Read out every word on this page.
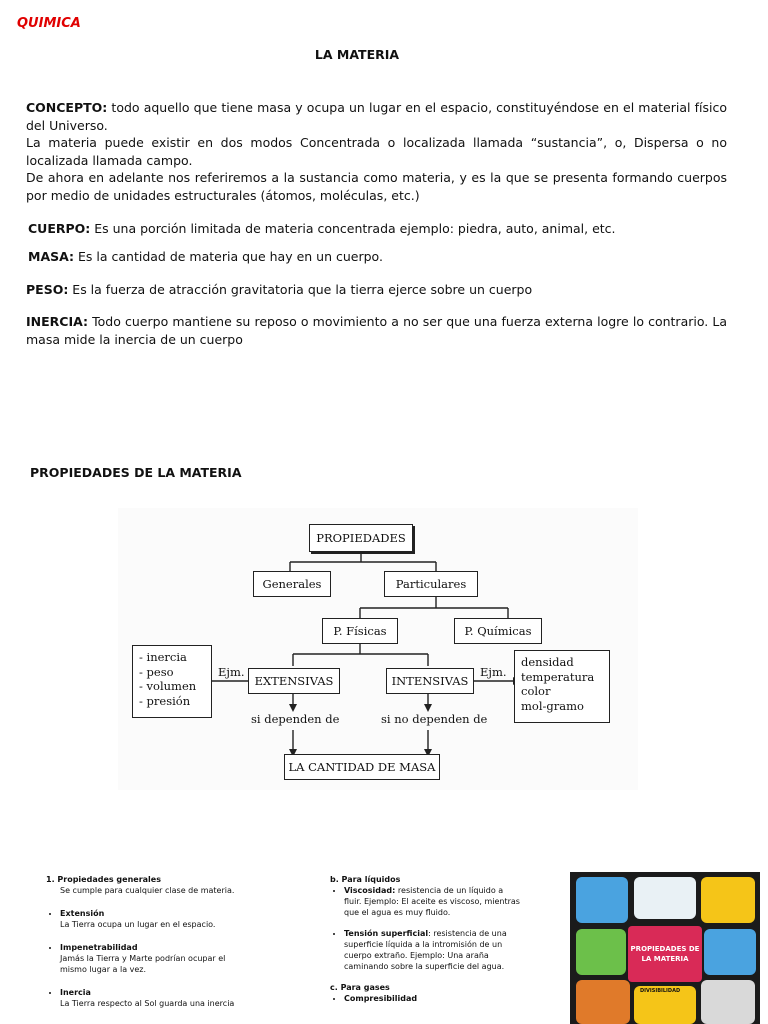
QUIMICA
LA MATERIA
CONCEPTO: todo aquello que tiene masa y ocupa un lugar en el espacio, constituyéndose en el material físico del Universo.
La materia puede existir en dos modos Concentrada o localizada llamada “sustancia”, o, Dispersa o no localizada llamada campo.
De ahora en adelante nos referiremos a la sustancia como materia, y es la que se presenta formando cuerpos por medio de unidades estructurales (átomos, moléculas, etc.)
CUERPO: Es una porción limitada de materia concentrada ejemplo: piedra, auto, animal, etc.
MASA: Es la cantidad de materia que hay en un cuerpo.
PESO: Es la fuerza de atracción gravitatoria que la tierra ejerce sobre un cuerpo
INERCIA: Todo cuerpo mantiene su reposo o movimiento a no ser que una fuerza externa logre lo contrario. La masa mide la inercia de un cuerpo
PROPIEDADES DE LA MATERIA
PROPIEDADES
Generales	Particulares
P. Físicas	P. Químicas
EXTENSIVAS	INTENSIVAS
LA CANTIDAD DE MASA
Ejm.	Ejm.
si dependen de	si no dependen de
- inercia
- peso
- volumen
- presión
densidad
temperatura
color
mol-gramo
1. Propiedades generales
Se cumple para cualquier clase de materia.
• Extensión
La Tierra ocupa un lugar en el espacio.
• Impenetrabilidad
Jamás la Tierra y Marte podrían ocupar el mismo lugar a la vez.
• Inercia
La Tierra respecto al Sol guarda una inercia
b. Para líquidos
• Viscosidad: resistencia de un líquido a fluir. Ejemplo: El aceite es viscoso, mientras que el agua es muy fluido.
• Tensión superficial: resistencia de una superficie líquida a la intromisión de un cuerpo extraño. Ejemplo: Una araña caminando sobre la superficie del agua.
c. Para gases
• Compresibilidad
PROPIEDADES DE LA MATERIA
DIVISIBILIDAD
